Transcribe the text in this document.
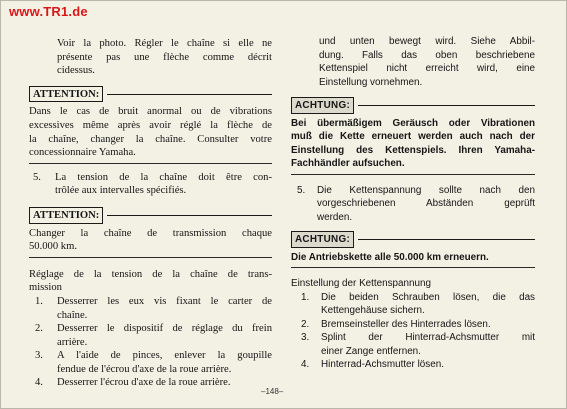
www.TR1.de
Voir la photo. Régler le chaîne si elle ne
présente pas une flèche comme décrit
cidessus.
ATTENTION:
Dans le cas de bruit anormal ou de vibrations
excessives même après avoir réglé la flèche de
la chaîne, changer la chaîne. Consulter votre
concessionnaire Yamaha.
5.	La tension de la chaîne doit être con-
trôlée aux intervalles spécifiés.
ATTENTION:
Changer la chaîne de transmission chaque
50.000 km.
Réglage de la tension de la chaîne de trans-
mission
1.	Desserrer les eux vis fixant le carter de
chaîne.
2.	Desserrer le dispositif de réglage du frein
arrière.
3.	A l'aide de pinces, enlever la goupille
fendue de l'écrou d'axe de la roue arrière.
4.	Desserrer l'écrou d'axe de la roue arrière.
und unten bewegt wird. Siehe Abbil-
dung. Falls das oben beschriebene
Kettenspiel nicht erreicht wird, eine
Einstellung vornehmen.
ACHTUNG:
Bei übermäßigem Geräusch oder Vibrationen
muß die Kette erneuert werden auch nach der
Einstellung des Kettenspiels. Ihren Yamaha-
Fachhändler aufsuchen.
5.	Die Kettenspannung sollte nach den
vorgeschriebenen Abständen geprüft
werden.
ACHTUNG:
Die Antriebskette alle 50.000 km erneuern.
Einstellung der Kettenspannung
1.	Die beiden Schrauben lösen, die das
Kettengehäuse sichern.
2.	Bremseinsteller des Hinterrades lösen.
3.	Splint der Hinterrad-Achsmutter mit
einer Zange entfernen.
4.	Hinterrad-Achsmutter lösen.
–148–
